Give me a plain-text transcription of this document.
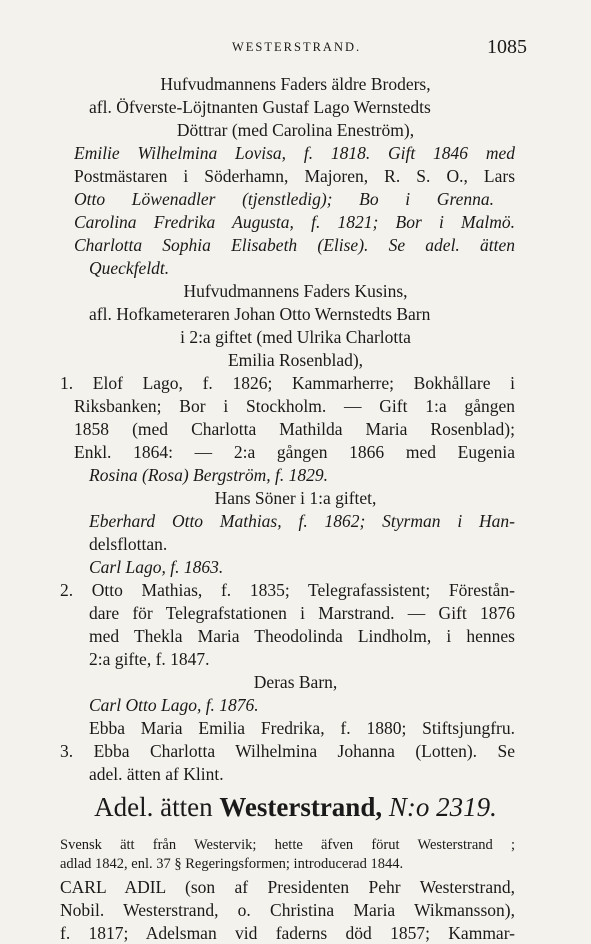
WESTERSTRAND.	1085
Hufvudmannens Faders äldre Broders,
afl. Öfverste-Löjtnanten Gustaf Lago Wernstedts
Döttrar (med Carolina Eneström),
Emilie Wilhelmina Lovisa, f. 1818. Gift 1846 med
Postmästaren i Söderhamn, Majoren, R. S. O., Lars
Otto Löwenadler (tjenstledig); Bo i Grenna.
Carolina Fredrika Augusta, f. 1821; Bor i Malmö.
Charlotta Sophia Elisabeth (Elise). Se adel. ätten
Queckfeldt.
Hufvudmannens Faders Kusins,
afl. Hofkameteraren Johan Otto Wernstedts Barn
i 2:a giftet (med Ulrika Charlotta
Emilia Rosenblad),
1. Elof Lago, f. 1826; Kammarherre; Bokhållare i
Riksbanken; Bor i Stockholm. — Gift 1:a gången
1858 (med Charlotta Mathilda Maria Rosenblad);
Enkl. 1864: — 2:a gången 1866 med Eugenia
Rosina (Rosa) Bergström, f. 1829.
Hans Söner i 1:a giftet,
Eberhard Otto Mathias, f. 1862; Styrman i Han-
delsflottan.
Carl Lago, f. 1863.
2. Otto Mathias, f. 1835; Telegrafassistent; Förestån-
dare för Telegrafstationen i Marstrand. — Gift 1876
med Thekla Maria Theodolinda Lindholm, i hennes
2:a gifte, f. 1847.
Deras Barn,
Carl Otto Lago, f. 1876.
Ebba Maria Emilia Fredrika, f. 1880; Stiftsjungfru.
3. Ebba Charlotta Wilhelmina Johanna (Lotten). Se
adel. ätten af Klint.
Adel. ätten Westerstrand, N:o 2319.
Svensk ätt från Westervik; hette äfven förut Westerstrand ;
adlad 1842, enl. 37 § Regeringsformen; introducerad 1844.
CARL ADIL (son af Presidenten Pehr Westerstrand,
Nobil. Westerstrand, o. Christina Maria Wikmansson),
f. 1817; Adelsman vid faderns död 1857; Kammar-
